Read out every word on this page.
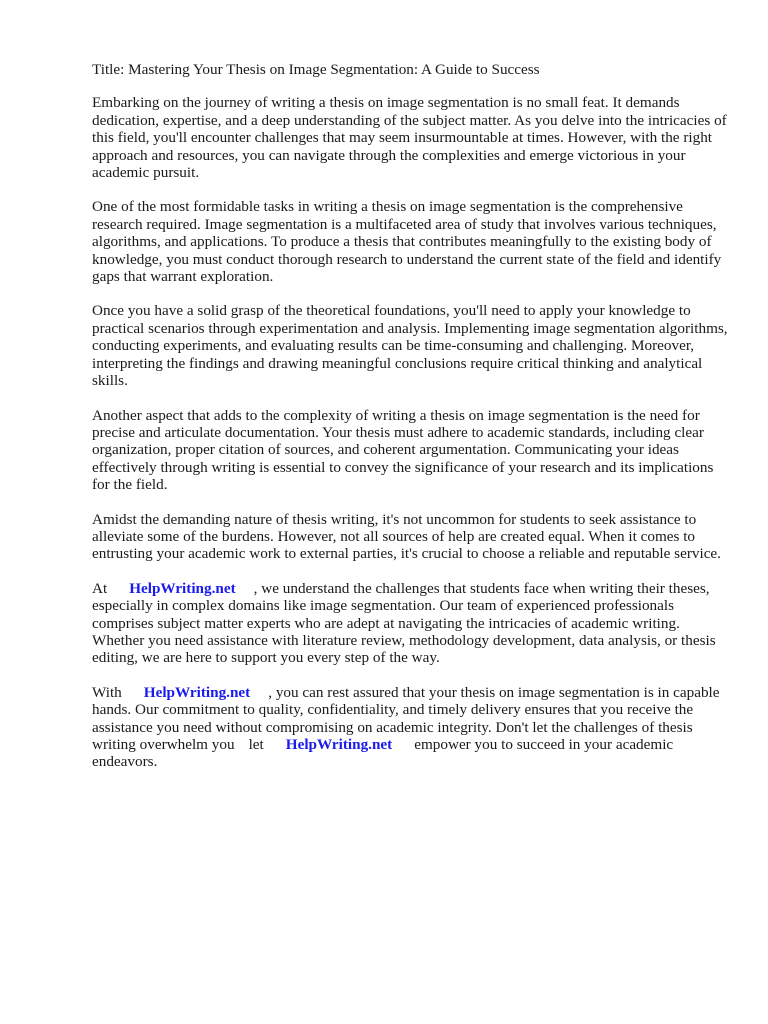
Title: Mastering Your Thesis on Image Segmentation: A Guide to Success

Embarking on the journey of writing a thesis on image segmentation is no small feat. It demands dedication, expertise, and a deep understanding of the subject matter. As you delve into the intricacies of this field, you'll encounter challenges that may seem insurmountable at times. However, with the right approach and resources, you can navigate through the complexities and emerge victorious in your academic pursuit.

One of the most formidable tasks in writing a thesis on image segmentation is the comprehensive research required. Image segmentation is a multifaceted area of study that involves various techniques, algorithms, and applications. To produce a thesis that contributes meaningfully to the existing body of knowledge, you must conduct thorough research to understand the current state of the field and identify gaps that warrant exploration.

Once you have a solid grasp of the theoretical foundations, you'll need to apply your knowledge to practical scenarios through experimentation and analysis. Implementing image segmentation algorithms, conducting experiments, and evaluating results can be time-consuming and challenging. Moreover, interpreting the findings and drawing meaningful conclusions require critical thinking and analytical skills.

Another aspect that adds to the complexity of writing a thesis on image segmentation is the need for precise and articulate documentation. Your thesis must adhere to academic standards, including clear organization, proper citation of sources, and coherent argumentation. Communicating your ideas effectively through writing is essential to convey the significance of your research and its implications for the field.

Amidst the demanding nature of thesis writing, it's not uncommon for students to seek assistance to alleviate some of the burdens. However, not all sources of help are created equal. When it comes to entrusting your academic work to external parties, it's crucial to choose a reliable and reputable service.

At HelpWriting.net , we understand the challenges that students face when writing their theses, especially in complex domains like image segmentation. Our team of experienced professionals comprises subject matter experts who are adept at navigating the intricacies of academic writing. Whether you need assistance with literature review, methodology development, data analysis, or thesis editing, we are here to support you every step of the way.

With HelpWriting.net , you can rest assured that your thesis on image segmentation is in capable hands. Our commitment to quality, confidentiality, and timely delivery ensures that you receive the assistance you need without compromising on academic integrity. Don't let the challenges of thesis writing overwhelm you let HelpWriting.net empower you to succeed in your academic endeavors.
